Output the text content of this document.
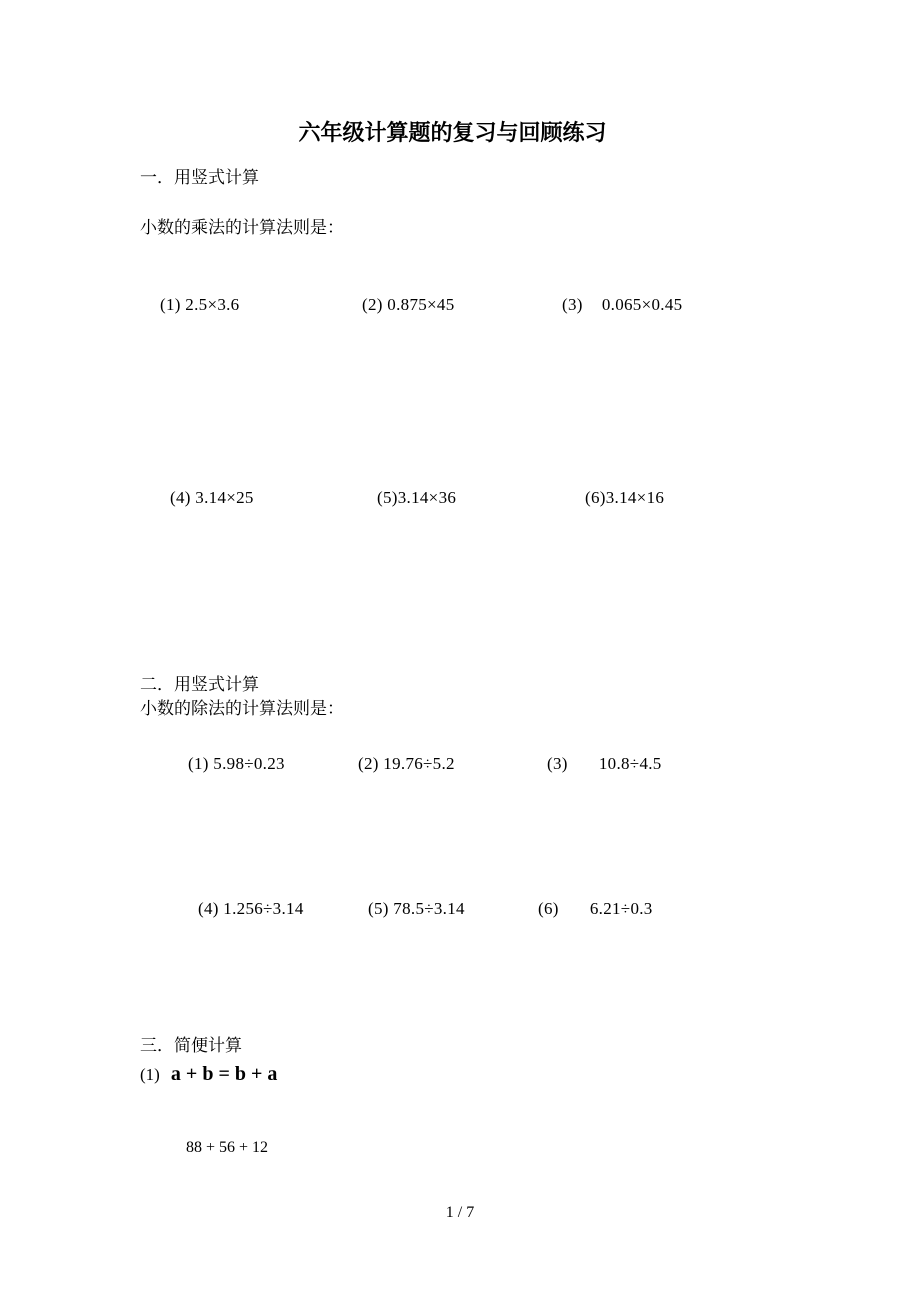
六年级计算题的复习与回顾练习
一．用竖式计算
小数的乘法的计算法则是：
(1) 2.5×3.6	(2) 0.875×45	(3) 0.065×0.45
(4) 3.14×25	(5)3.14×36	(6)3.14×16
二．用竖式计算
小数的除法的计算法则是：
(1) 5.98÷0.23	(2) 19.76÷5.2	(3) 10.8÷4.5
(4) 1.256÷3.14	(5) 78.5÷3.14	(6) 6.21÷0.3
三．简便计算
(1) a + b = b + a
88 + 56 + 12
1 / 7
